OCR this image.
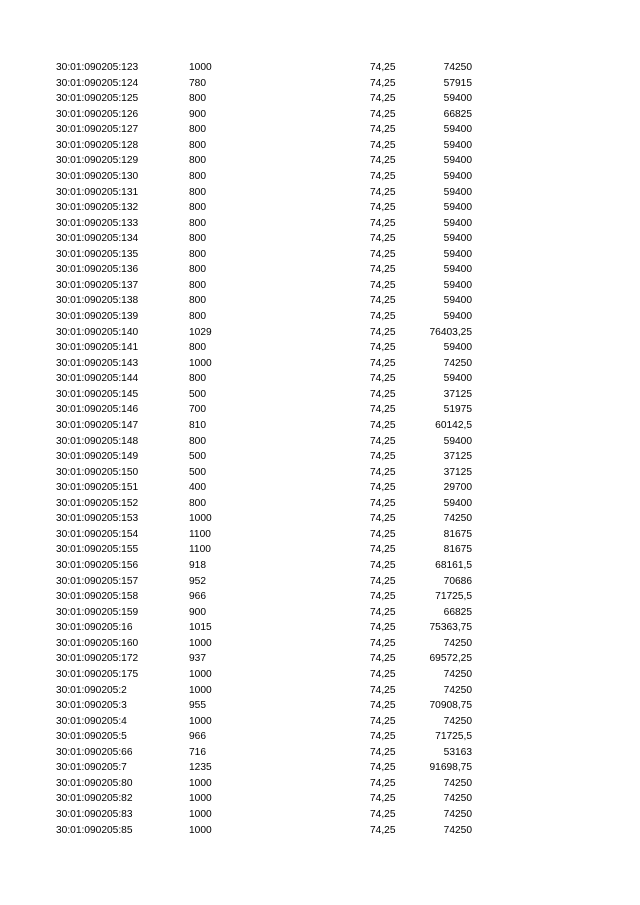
30:01:090205:123	1000	74,25	74250
30:01:090205:124	780	74,25	57915
30:01:090205:125	800	74,25	59400
30:01:090205:126	900	74,25	66825
30:01:090205:127	800	74,25	59400
30:01:090205:128	800	74,25	59400
30:01:090205:129	800	74,25	59400
30:01:090205:130	800	74,25	59400
30:01:090205:131	800	74,25	59400
30:01:090205:132	800	74,25	59400
30:01:090205:133	800	74,25	59400
30:01:090205:134	800	74,25	59400
30:01:090205:135	800	74,25	59400
30:01:090205:136	800	74,25	59400
30:01:090205:137	800	74,25	59400
30:01:090205:138	800	74,25	59400
30:01:090205:139	800	74,25	59400
30:01:090205:140	1029	74,25	76403,25
30:01:090205:141	800	74,25	59400
30:01:090205:143	1000	74,25	74250
30:01:090205:144	800	74,25	59400
30:01:090205:145	500	74,25	37125
30:01:090205:146	700	74,25	51975
30:01:090205:147	810	74,25	60142,5
30:01:090205:148	800	74,25	59400
30:01:090205:149	500	74,25	37125
30:01:090205:150	500	74,25	37125
30:01:090205:151	400	74,25	29700
30:01:090205:152	800	74,25	59400
30:01:090205:153	1000	74,25	74250
30:01:090205:154	1100	74,25	81675
30:01:090205:155	1100	74,25	81675
30:01:090205:156	918	74,25	68161,5
30:01:090205:157	952	74,25	70686
30:01:090205:158	966	74,25	71725,5
30:01:090205:159	900	74,25	66825
30:01:090205:16	1015	74,25	75363,75
30:01:090205:160	1000	74,25	74250
30:01:090205:172	937	74,25	69572,25
30:01:090205:175	1000	74,25	74250
30:01:090205:2	1000	74,25	74250
30:01:090205:3	955	74,25	70908,75
30:01:090205:4	1000	74,25	74250
30:01:090205:5	966	74,25	71725,5
30:01:090205:66	716	74,25	53163
30:01:090205:7	1235	74,25	91698,75
30:01:090205:80	1000	74,25	74250
30:01:090205:82	1000	74,25	74250
30:01:090205:83	1000	74,25	74250
30:01:090205:85	1000	74,25	74250
